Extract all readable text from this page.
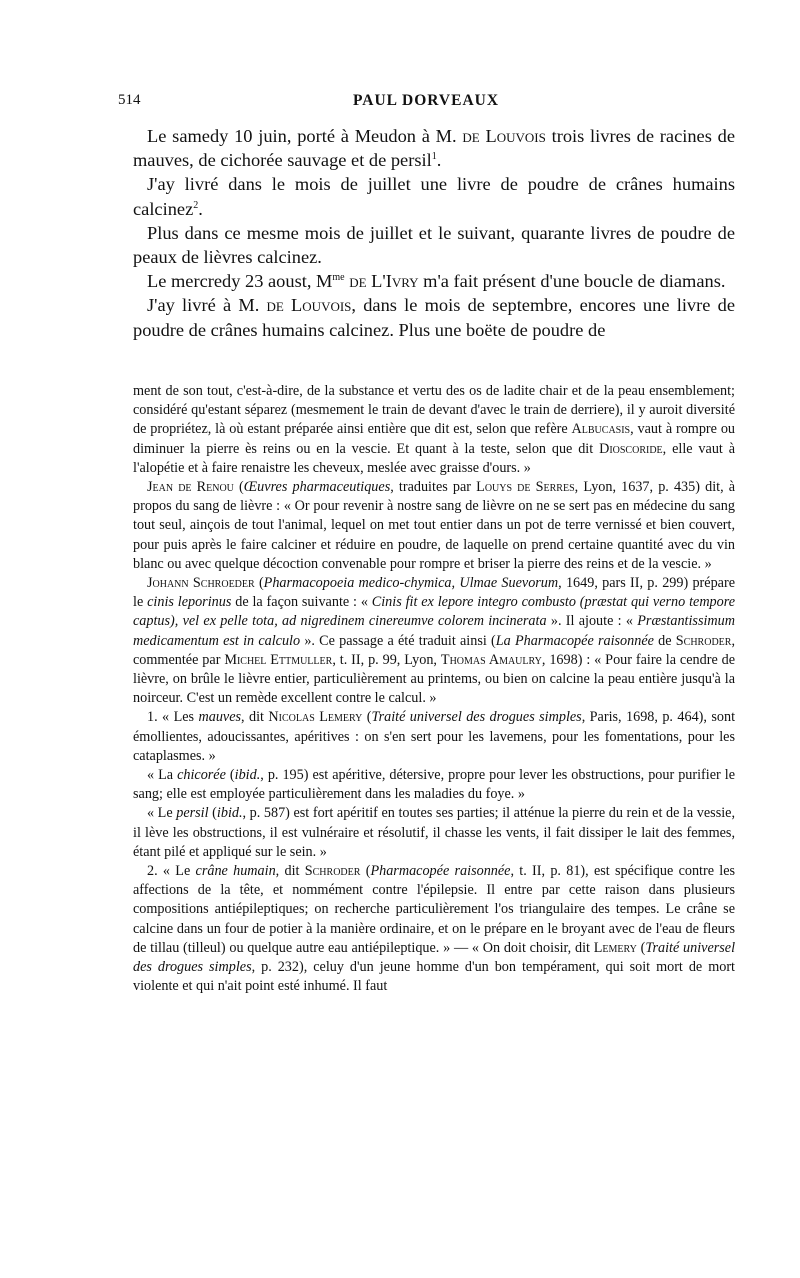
514	PAUL DORVEAUX

Le samedy 10 juin, porté à Meudon à M. de Louvois trois livres de racines de mauves, de cichorée sauvage et de persil$^1$.

J'ay livré dans le mois de juillet une livre de poudre de crânes humains calcinez$^2$.

Plus dans ce mesme mois de juillet et le suivant, quarante livres de poudre de peaux de lièvres calcinez.

Le mercredy 23 aoust, $M^{me}$ de L'Ivry m'a fait présent d'une boucle de diamans.

J'ay livré à M. de Louvois, dans le mois de septembre, encores une livre de poudre de crânes humains calcinez. Plus une boëte de poudre de

ment de son tout, c'est-à-dire, de la substance et vertu des os de ladite chair et de la peau ensemblement; considéré qu'estant séparez (mesmement le train de devant d'avec le train de derriere), il y auroit diversité de propriétez, là où estant préparée ainsi entière que dit est, selon que refère Albucasis, vaut à rompre ou diminuer la pierre ès reins ou en la vescie. Et quant à la teste, selon que dit Dioscoride, elle vaut à l'alopétie et à faire renaistre les cheveux, meslée avec graisse d'ours. »

Jean de Renou (Œuvres pharmaceutiques, traduites par Louys de Serres, Lyon, 1637, p. 435) dit, à propos du sang de lièvre : « Or pour revenir à nostre sang de lièvre on ne se sert pas en médecine du sang tout seul, ainçois de tout l'animal, lequel on met tout entier dans un pot de terre vernissé et bien couvert, pour puis après le faire calciner et réduire en poudre, de laquelle on prend certaine quantité avec du vin blanc ou avec quelque décoction convenable pour rompre et briser la pierre des reins et de la vescie. »

Johann Schroeder (Pharmacopoeia medico-chymica, Ulmae Suevorum, 1649, pars II, p. 299) prépare le cinis leporinus de la façon suivante : « Cinis fit ex lepore integro combusto (præstat qui verno tempore captus), vel ex pelle tota, ad nigredinem cinereumve colorem incinerata ». Il ajoute : « Præstantissimum medicamentum est in calculo ». Ce passage a été traduit ainsi (La Pharmacopée raisonnée de Schroder, commentée par Michel Ettmuller, t. II, p. 99, Lyon, Thomas Amaulry, 1698) : « Pour faire la cendre de lièvre, on brûle le lièvre entier, particulièrement au printems, ou bien on calcine la peau entière jusqu'à la noirceur. C'est un remède excellent contre le calcul. »

1. « Les mauves, dit Nicolas Lemery (Traité universel des drogues simples, Paris, 1698, p. 464), sont émollientes, adoucissantes, apéritives : on s'en sert pour les lavemens, pour les fomentations, pour les cataplasmes. »

« La chicorée (ibid., p. 195) est apéritive, détersive, propre pour lever les obstructions, pour purifier le sang; elle est employée particulièrement dans les maladies du foye. »

« Le persil (ibid., p. 587) est fort apéritif en toutes ses parties; il atténue la pierre du rein et de la vessie, il lève les obstructions, il est vulnéraire et résolutif, il chasse les vents, il fait dissiper le lait des femmes, étant pilé et appliqué sur le sein. »

2. « Le crâne humain, dit Schroder (Pharmacopée raisonnée, t. II, p. 81), est spécifique contre les affections de la tête, et nommément contre l'épilepsie. Il entre par cette raison dans plusieurs compositions antiépileptiques; on recherche particulièrement l'os triangulaire des tempes. Le crâne se calcine dans un four de potier à la manière ordinaire, et on le prépare en le broyant avec de l'eau de fleurs de tillau (tilleul) ou quelque autre eau antiépileptique. » — « On doit choisir, dit Lemery (Traité universel des drogues simples, p. 232), celuy d'un jeune homme d'un bon tempérament, qui soit mort de mort violente et qui n'ait point esté inhumé. Il faut
